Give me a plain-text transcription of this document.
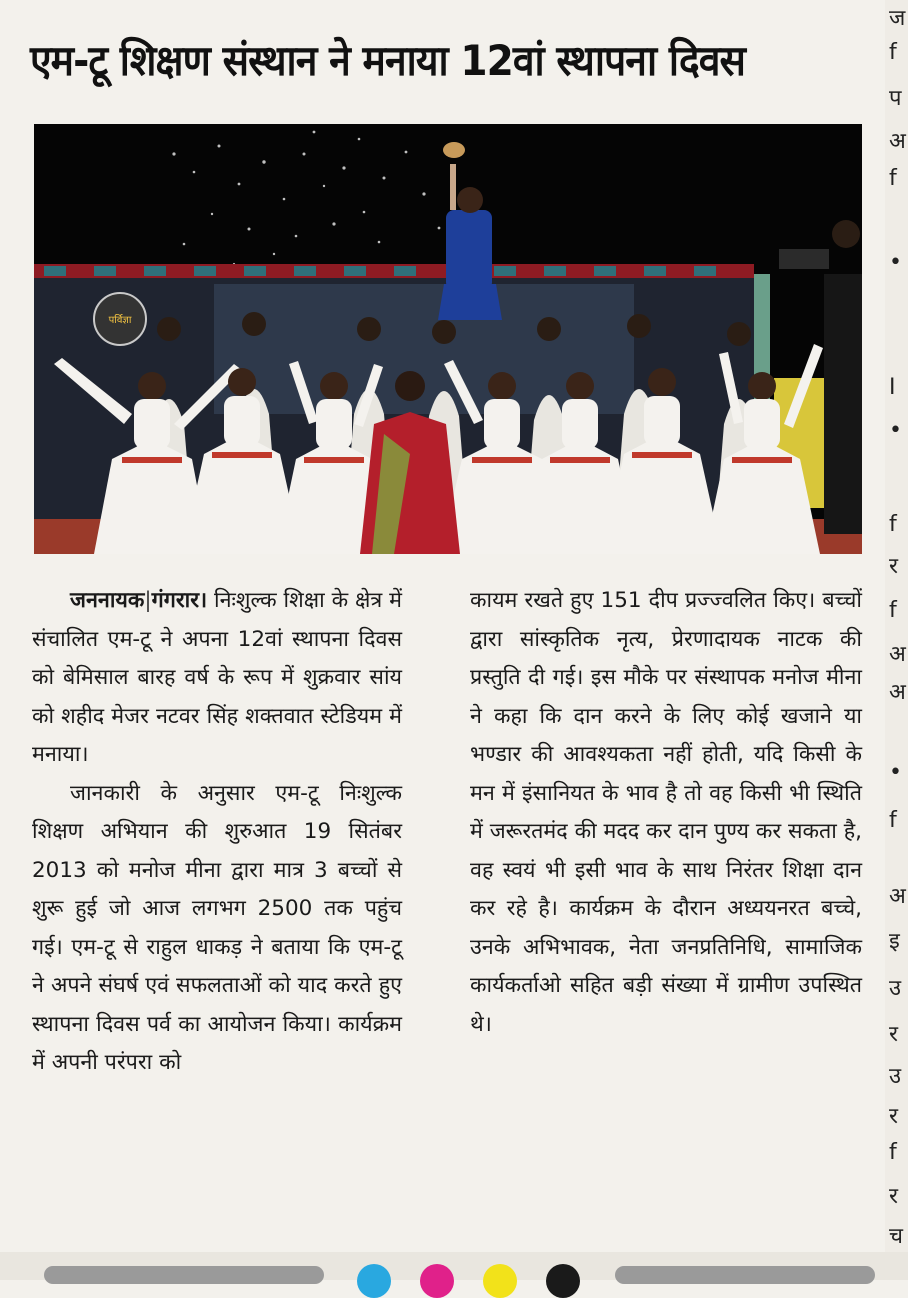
एम-टू शिक्षण संस्थान ने मनाया 12वां स्थापना दिवस
पर्विज्ञा

जननायक|गंगरार। निःशुल्क शिक्षा के क्षेत्र में संचालित एम-टू ने अपना 12वां स्थापना दिवस को बेमिसाल बारह वर्ष के रूप में शुक्रवार सांय को शहीद मेजर नटवर सिंह शक्तवात स्टेडियम में मनाया।

जानकारी के अनुसार एम-टू निःशुल्क शिक्षण अभियान की शुरुआत 19 सितंबर 2013 को मनोज मीना द्वारा मात्र 3 बच्चों से शुरू हुई जो आज लगभग 2500 तक पहुंच गई। एम-टू से राहुल धाकड़ ने बताया कि एम-टू ने अपने संघर्ष एवं सफलताओं को याद करते हुए स्थापना दिवस पर्व का आयोजन किया। कार्यक्रम में अपनी परंपरा को

कायम रखते हुए 151 दीप प्रज्ज्वलित किए। बच्चों द्वारा सांस्कृतिक नृत्य, प्रेरणादायक नाटक की प्रस्तुति दी गई। इस मौके पर संस्थापक मनोज मीना ने कहा कि दान करने के लिए कोई खजाने या भण्डार की आवश्यकता नहीं होती, यदि किसी के मन में इंसानियत के भाव है तो वह किसी भी स्थिति में जरूरतमंद की मदद कर दान पुण्य कर सकता है, वह स्वयं भी इसी भाव के साथ निरंतर शिक्षा दान कर रहे है। कार्यक्रम के दौरान अध्ययनरत बच्चे, उनके अभिभावक, नेता जनप्रतिनिधि, सामाजिक कार्यकर्ताओ सहित बड़ी संख्या में ग्रामीण उपस्थित थे।

ज
f
प
अ
f
•
I
•
f
र
f
अ
अ
•
f
अ
इ
उ
र
उ
र
f
र
च
